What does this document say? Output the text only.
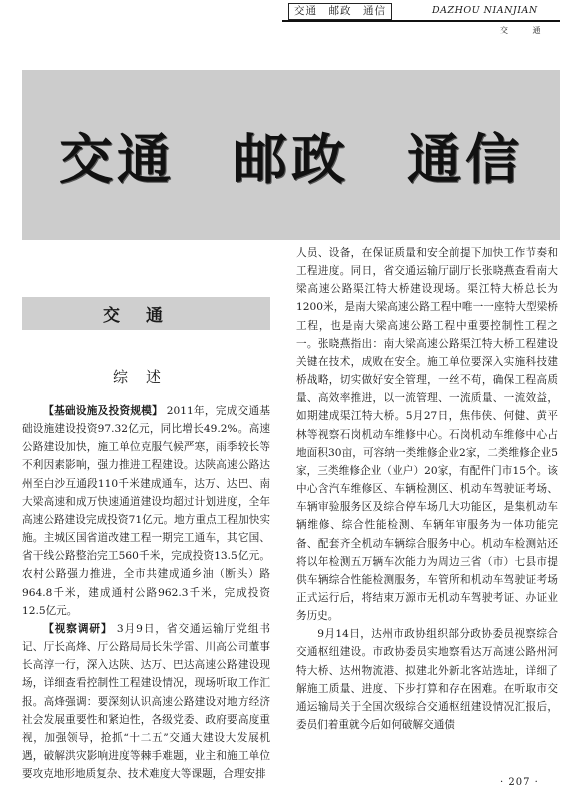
交通　邮政　通信	DAZHOU NIANJIAN
交 通
交通　邮政　通信
交通
综述

【基础设施及投资规模】 2011年，完成交通基础设施建设投资97.32亿元，同比增长49.2%。高速公路建设加快，施工单位克服气候严寒，雨季较长等不利因素影响，强力推进工程建设。达陕高速公路达州至白沙互通段110千米建成通车，达万、达巴、南大梁高速和成万快速通道建设均超过计划进度，全年高速公路建设完成投资71亿元。地方重点工程加快实施。主城区国省道改建工程一期完工通车，其它国、省干线公路整治完工560千米，完成投资13.5亿元。农村公路强力推进，全市共建成通乡油（断头）路964.8千米，建成通村公路962.3千米，完成投资12.5亿元。

【视察调研】 3月9日，省交通运输厅党组书记、厅长高烽、厅公路局局长朱学雷、川高公司董事长高淳一行，深入达陕、达万、巴达高速公路建设现场，详细查看控制性工程建设情况，现场听取工作汇报。高烽强调：要深刻认识高速公路建设对地方经济社会发展重要性和紧迫性，各级党委、政府要高度重视，加强领导，抢抓“十二五”交通大建设大发展机遇，破解洪灾影响进度等棘手难题，业主和施工单位要攻克地形地质复杂、技术难度大等课题，合理安排

人员、设备，在保证质量和安全前提下加快工作节奏和工程进度。同日，省交通运输厅副厅长张晓燕查看南大梁高速公路渠江特大桥建设现场。渠江特大桥总长为1200米，是南大梁高速公路工程中唯一一座特大型梁桥工程，也是南大梁高速公路工程中重要控制性工程之一。张晓燕指出：南大梁高速公路渠江特大桥工程建设关键在技术，成败在安全。施工单位要深入实施科技建桥战略，切实做好安全管理，一丝不苟，确保工程高质量、高效率推进，以一流管理、一流质量、一流效益，如期建成渠江特大桥。5月27日，焦伟侠、何健、黄平林等视察石岗机动车维修中心。石岗机动车维修中心占地面积30亩，可容纳一类维修企业2家，二类维修企业5家，三类维修企业（业户）20家，有配件门市15个。该中心含汽车维修区、车辆检测区、机动车驾驶证考场、车辆审验服务区及综合停车场几大功能区，是集机动车辆维修、综合性能检测、车辆年审服务为一体功能完备、配套齐全机动车辆综合服务中心。机动车检测站还将以年检测五万辆车次能力为周边三省（市）七县市提供车辆综合性能检测服务，车管所和机动车驾驶证考场正式运行后，将结束万源市无机动车驾驶考证、办证业务历史。

9月14日，达州市政协组织部分政协委员视察综合交通枢纽建设。市政协委员实地察看达万高速公路州河特大桥、达州物流港、拟建北外新北客站选址，详细了解施工质量、进度、下步打算和存在困难。在听取市交通运输局关于全国次级综合交通枢纽建设情况汇报后，委员们着重就今后如何破解交通债

· 207 ·
